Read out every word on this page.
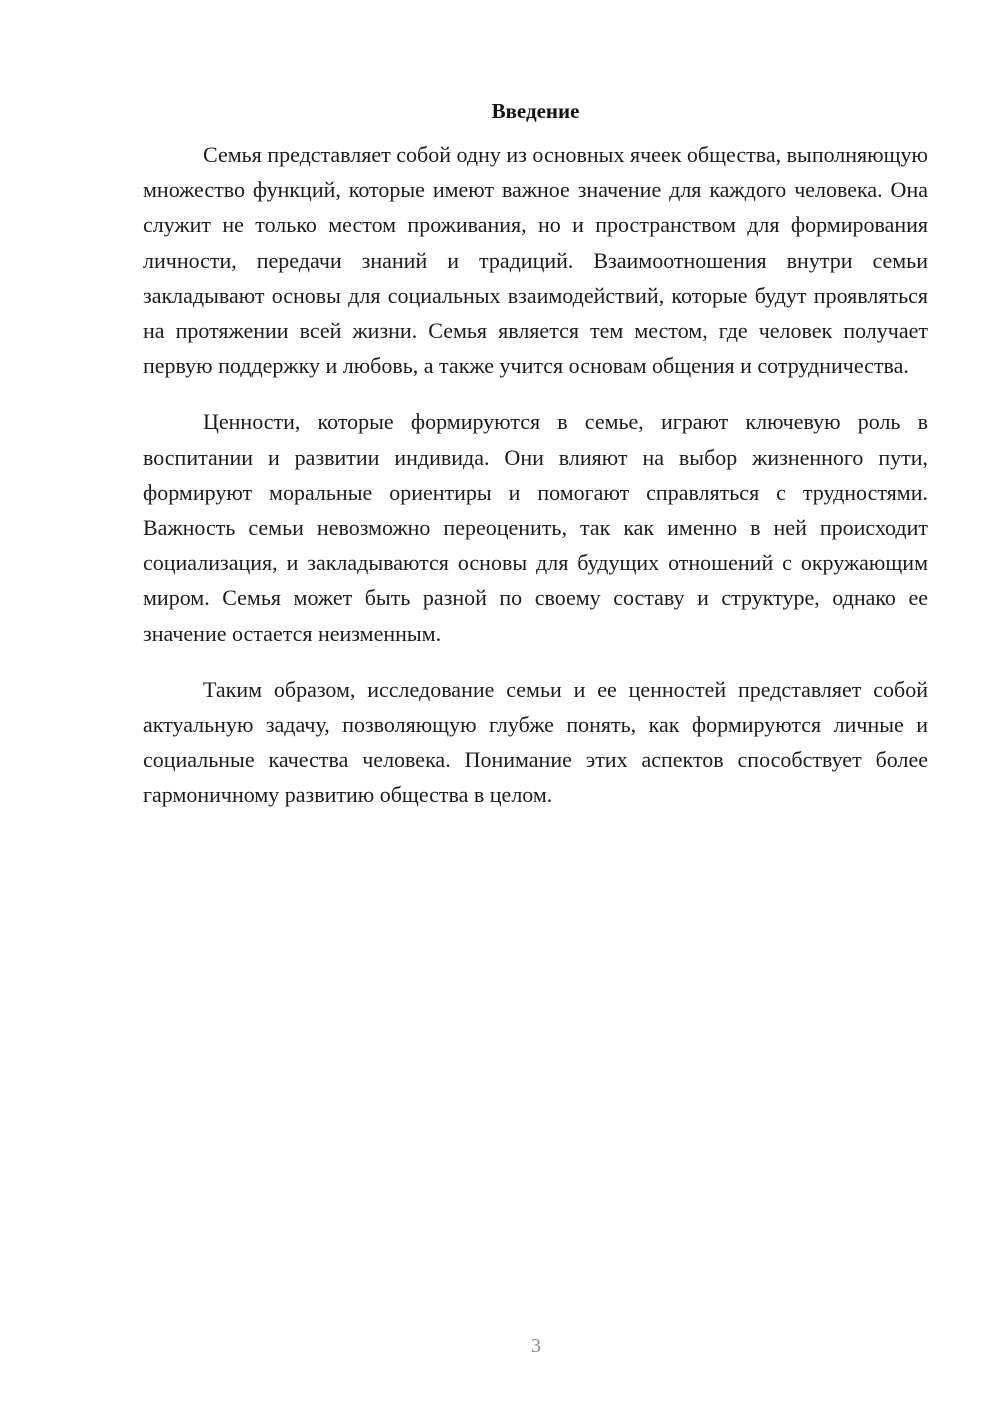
Введение

Семья представляет собой одну из основных ячеек общества, выполняющую множество функций, которые имеют важное значение для каждого человека. Она служит не только местом проживания, но и пространством для формирования личности, передачи знаний и традиций. Взаимоотношения внутри семьи закладывают основы для социальных взаимодействий, которые будут проявляться на протяжении всей жизни. Семья является тем местом, где человек получает первую поддержку и любовь, а также учится основам общения и сотрудничества.

Ценности, которые формируются в семье, играют ключевую роль в воспитании и развитии индивида. Они влияют на выбор жизненного пути, формируют моральные ориентиры и помогают справляться с трудностями. Важность семьи невозможно переоценить, так как именно в ней происходит социализация, и закладываются основы для будущих отношений с окружающим миром. Семья может быть разной по своему составу и структуре, однако ее значение остается неизменным.

Таким образом, исследование семьи и ее ценностей представляет собой актуальную задачу, позволяющую глубже понять, как формируются личные и социальные качества человека. Понимание этих аспектов способствует более гармоничному развитию общества в целом.

3
